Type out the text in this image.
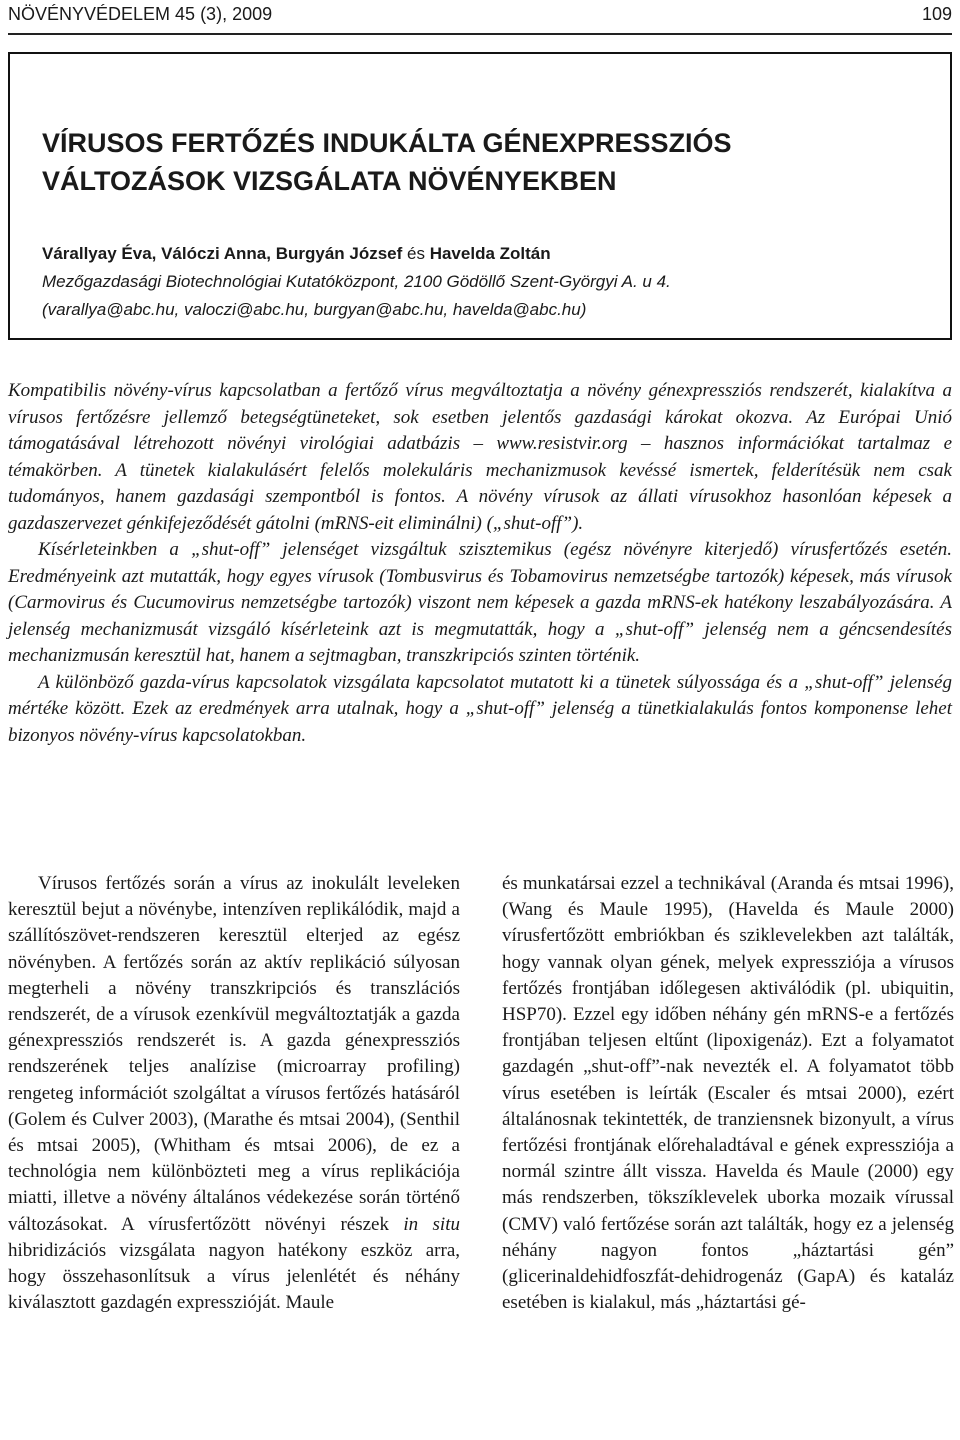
NÖVÉNYVÉDELEM 45 (3), 2009	109
VÍRUSOS FERTŐZÉS INDUKÁLTA GÉNEXPRESSZIÓS
VÁLTOZÁSOK VIZSGÁLATA NÖVÉNYEKBEN
Várallyay Éva, Válóczi Anna, Burgyán József és Havelda Zoltán
Mezőgazdasági Biotechnológiai Kutatóközpont, 2100 Gödöllő Szent-Györgyi A. u 4.
(varallya@abc.hu, valoczi@abc.hu, burgyan@abc.hu, havelda@abc.hu)

Kompatibilis növény-vírus kapcsolatban a fertőző vírus megváltoztatja a növény génexpressziós rendszerét, kialakítva a vírusos fertőzésre jellemző betegségtüneteket, sok esetben jelentős gazdasági károkat okozva. Az Európai Unió támogatásával létrehozott növényi virológiai adatbázis – www.resistvir.org – hasznos információkat tartalmaz e témakörben. A tünetek kialakulásért felelős molekuláris mechanizmusok kevéssé ismertek, felderítésük nem csak tudományos, hanem gazdasági szempontból is fontos. A növény vírusok az állati vírusokhoz hasonlóan képesek a gazdaszervezet génkifejeződését gátolni (mRNS-eit eliminálni) („shut-off”).

Kísérleteinkben a „shut-off” jelenséget vizsgáltuk szisztemikus (egész növényre kiterjedő) vírusfertőzés esetén. Eredményeink azt mutatták, hogy egyes vírusok (Tombusvirus és Tobamovirus nemzetségbe tartozók) képesek, más vírusok (Carmovirus és Cucumovirus nemzetségbe tartozók) viszont nem képesek a gazda mRNS-ek hatékony leszabályozására. A jelenség mechanizmusát vizsgáló kísérleteink azt is megmutatták, hogy a „shut-off” jelenség nem a géncsendesítés mechanizmusán keresztül hat, hanem a sejtmagban, transzkripciós szinten történik.

A különböző gazda-vírus kapcsolatok vizsgálata kapcsolatot mutatott ki a tünetek súlyossága és a „shut-off” jelenség mértéke között. Ezek az eredmények arra utalnak, hogy a „shut-off” jelenség a tünetkialakulás fontos komponense lehet bizonyos növény-vírus kapcsolatokban.

Vírusos fertőzés során a vírus az inokulált leveleken keresztül bejut a növénybe, intenzíven replikálódik, majd a szállítószövet-rendszeren keresztül elterjed az egész növényben. A fertőzés során az aktív replikáció súlyosan megterheli a növény transzkripciós és transzlációs rendszerét, de a vírusok ezenkívül megváltoztatják a gazda génexpressziós rendszerét is. A gazda génexpressziós rendszerének teljes analízise (microarray profiling) rengeteg információt szolgáltat a vírusos fertőzés hatásáról (Golem és Culver 2003), (Marathe és mtsai 2004), (Senthil és mtsai 2005), (Whitham és mtsai 2006), de ez a technológia nem különbözteti meg a vírus replikációja miatti, illetve a növény általános védekezése során történő változásokat. A vírusfertőzött növényi részek in situ hibridizációs vizsgálata nagyon hatékony eszköz arra, hogy összehasonlítsuk a vírus jelenlétét és néhány kiválasztott gazdagén expresszióját. Maule

és munkatársai ezzel a technikával (Aranda és mtsai 1996), (Wang és Maule 1995), (Havelda és Maule 2000) vírusfertőzött embriókban és sziklevelekben azt találták, hogy vannak olyan gének, melyek expressziója a vírusos fertőzés frontjában időlegesen aktiválódik (pl. ubiquitin, HSP70). Ezzel egy időben néhány gén mRNS-e a fertőzés frontjában teljesen eltűnt (lipoxigenáz). Ezt a folyamatot gazdagén „shut-off”-nak nevezték el. A folyamatot több vírus esetében is leírták (Escaler és mtsai 2000), ezért általánosnak tekintették, de tranziensnek bizonyult, a vírus fertőzési frontjának előrehaladtával e gének expressziója a normál szintre állt vissza. Havelda és Maule (2000) egy más rendszerben, tökszíklevelek uborka mozaik vírussal (CMV) való fertőzése során azt találták, hogy ez a jelenség néhány nagyon fontos „háztartási gén” (glicerinaldehidfoszfát-dehidrogenáz (GapA) és kataláz esetében is kialakul, más „háztartási gé-
